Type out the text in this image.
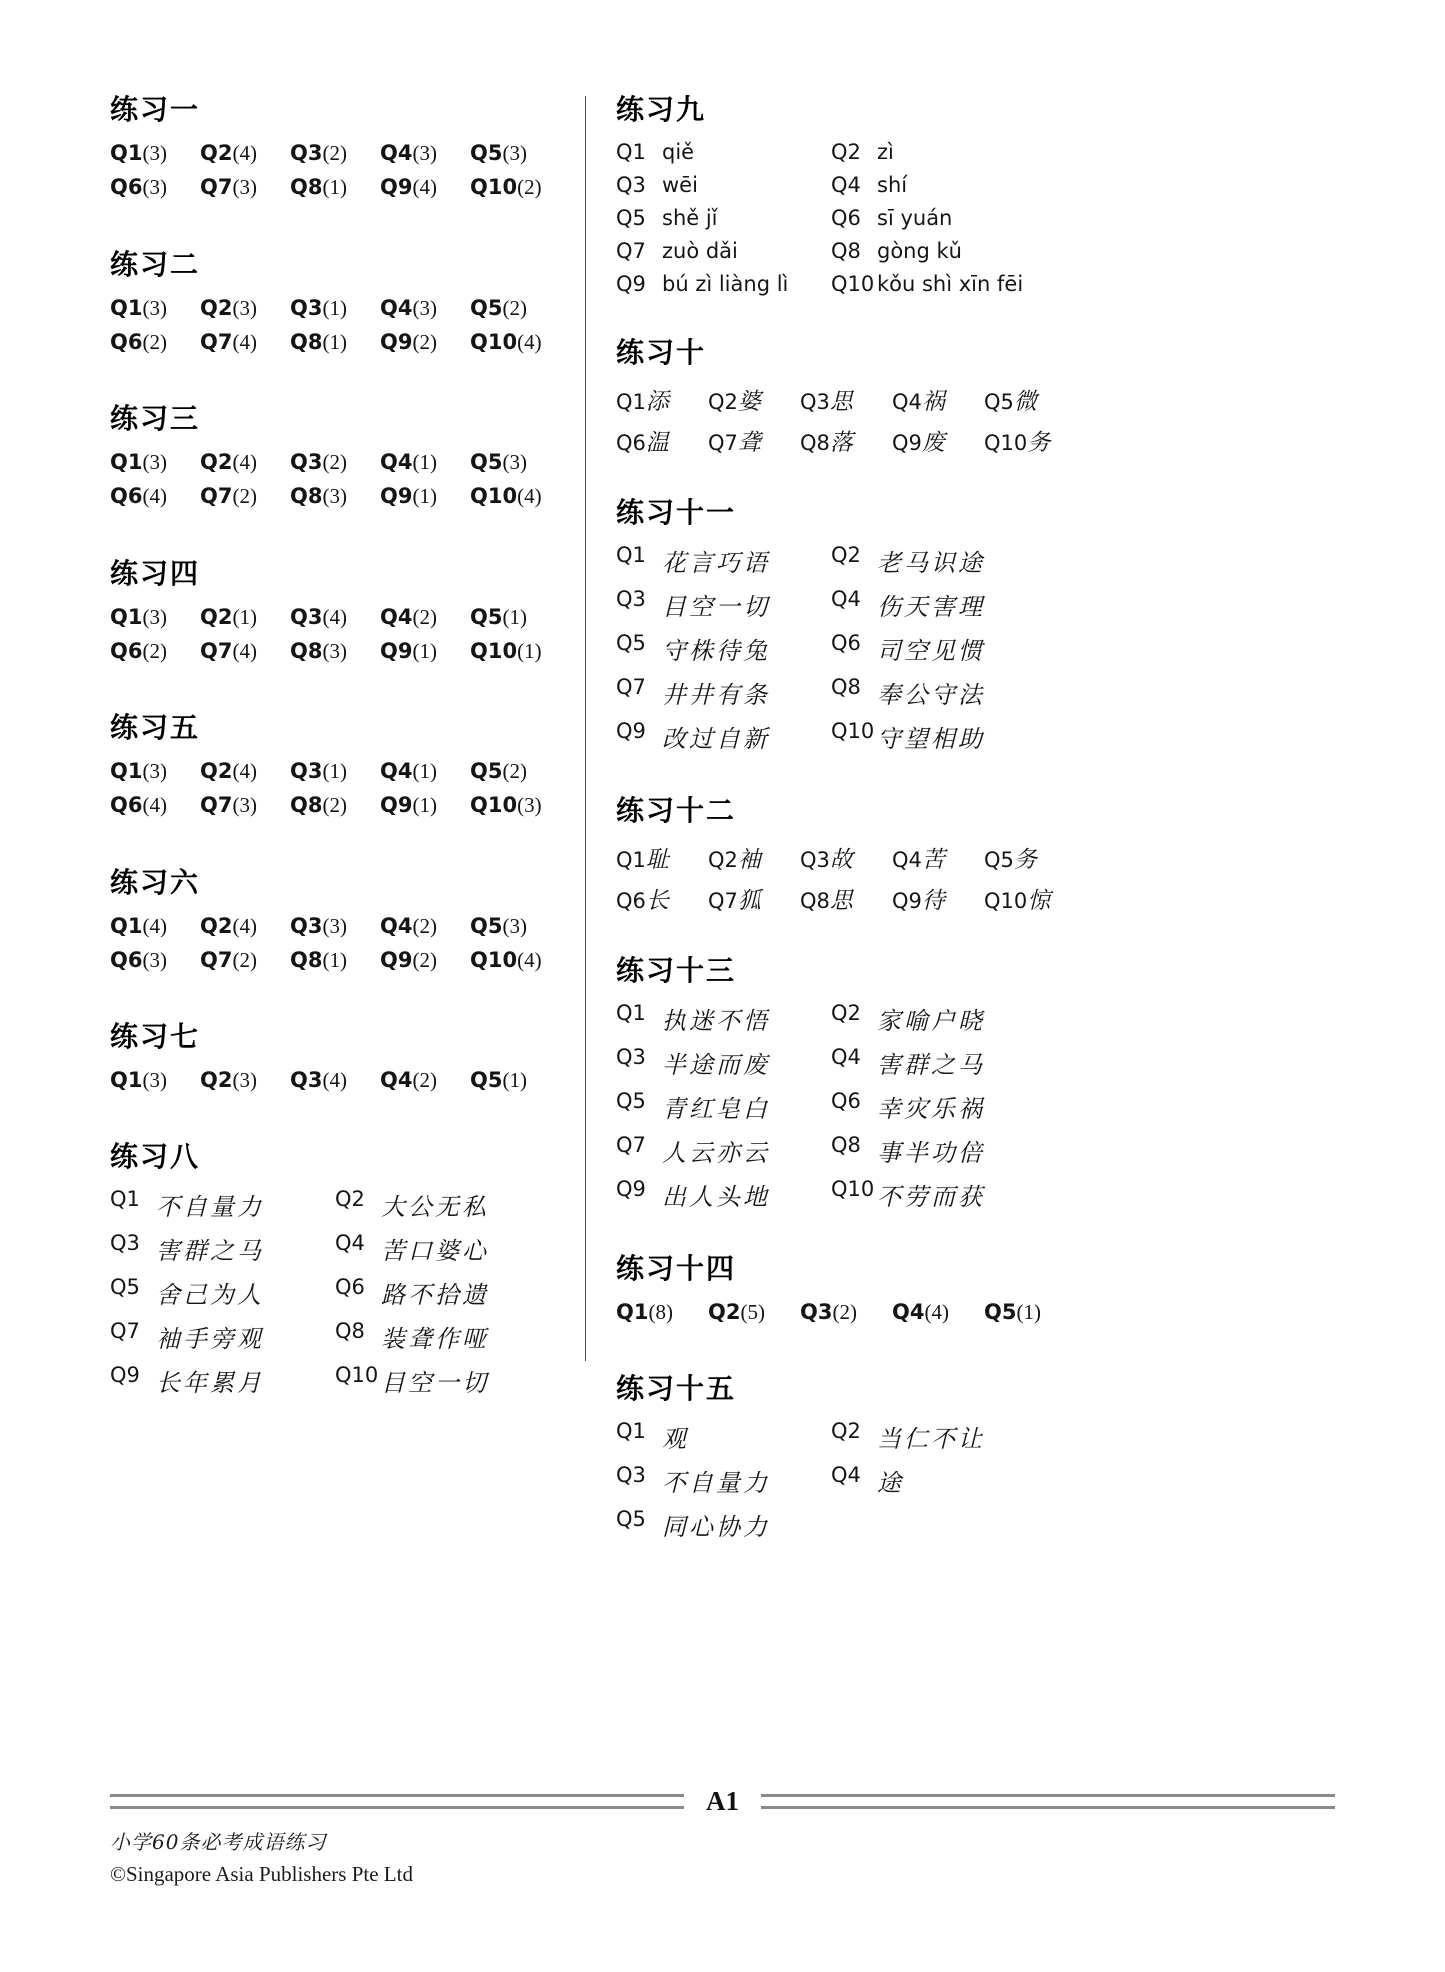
练习一
Q1(3)	Q2(4)	Q3(2)	Q4(3)	Q5(3)
Q6(3)	Q7(3)	Q8(1)	Q9(4)	Q10(2)
练习二
Q1(3)	Q2(3)	Q3(1)	Q4(3)	Q5(2)
Q6(2)	Q7(4)	Q8(1)	Q9(2)	Q10(4)
练习三
Q1(3)	Q2(4)	Q3(2)	Q4(1)	Q5(3)
Q6(4)	Q7(2)	Q8(3)	Q9(1)	Q10(4)
练习四
Q1(3)	Q2(1)	Q3(4)	Q4(2)	Q5(1)
Q6(2)	Q7(4)	Q8(3)	Q9(1)	Q10(1)
练习五
Q1(3)	Q2(4)	Q3(1)	Q4(1)	Q5(2)
Q6(4)	Q7(3)	Q8(2)	Q9(1)	Q10(3)
练习六
Q1(4)	Q2(4)	Q3(3)	Q4(2)	Q5(3)
Q6(3)	Q7(2)	Q8(1)	Q9(2)	Q10(4)
练习七
Q1(3)	Q2(3)	Q3(4)	Q4(2)	Q5(1)
练习八
Q1 不自量力	Q2 大公无私
Q3 害群之马	Q4 苦口婆心
Q5 舍己为人	Q6 路不拾遗
Q7 袖手旁观	Q8 装聋作哑
Q9 长年累月	Q10 目空一切
练习九
Q1 qiě	Q2 zì
Q3 wēi	Q4 shí
Q5 shě jǐ	Q6 sī yuán
Q7 zuò dǎi	Q8 gòng kǔ
Q9 bú zì liàng lì Q10 kǒu shì xīn fēi
练习十
Q1添	Q2婆	Q3思	Q4祸	Q5微
Q6温	Q7聋	Q8落	Q9废	Q10务
练习十一
Q1 花言巧语	Q2 老马识途
Q3 目空一切	Q4 伤天害理
Q5 守株待兔	Q6 司空见惯
Q7 井井有条	Q8 奉公守法
Q9 改过自新	Q10 守望相助
练习十二
Q1耻	Q2袖	Q3故	Q4苦	Q5务
Q6长	Q7狐	Q8思	Q9待	Q10惊
练习十三
Q1 执迷不悟	Q2 家喻户晓
Q3 半途而废	Q4 害群之马
Q5 青红皂白	Q6 幸灾乐祸
Q7 人云亦云	Q8 事半功倍
Q9 出人头地	Q10 不劳而获
练习十四
Q1(8)	Q2(5)	Q3(2)	Q4(4)	Q5(1)
练习十五
Q1 观	Q2 当仁不让
Q3 不自量力	Q4 途
Q5 同心协力
A1
小学60条必考成语练习
©Singapore Asia Publishers Pte Ltd
